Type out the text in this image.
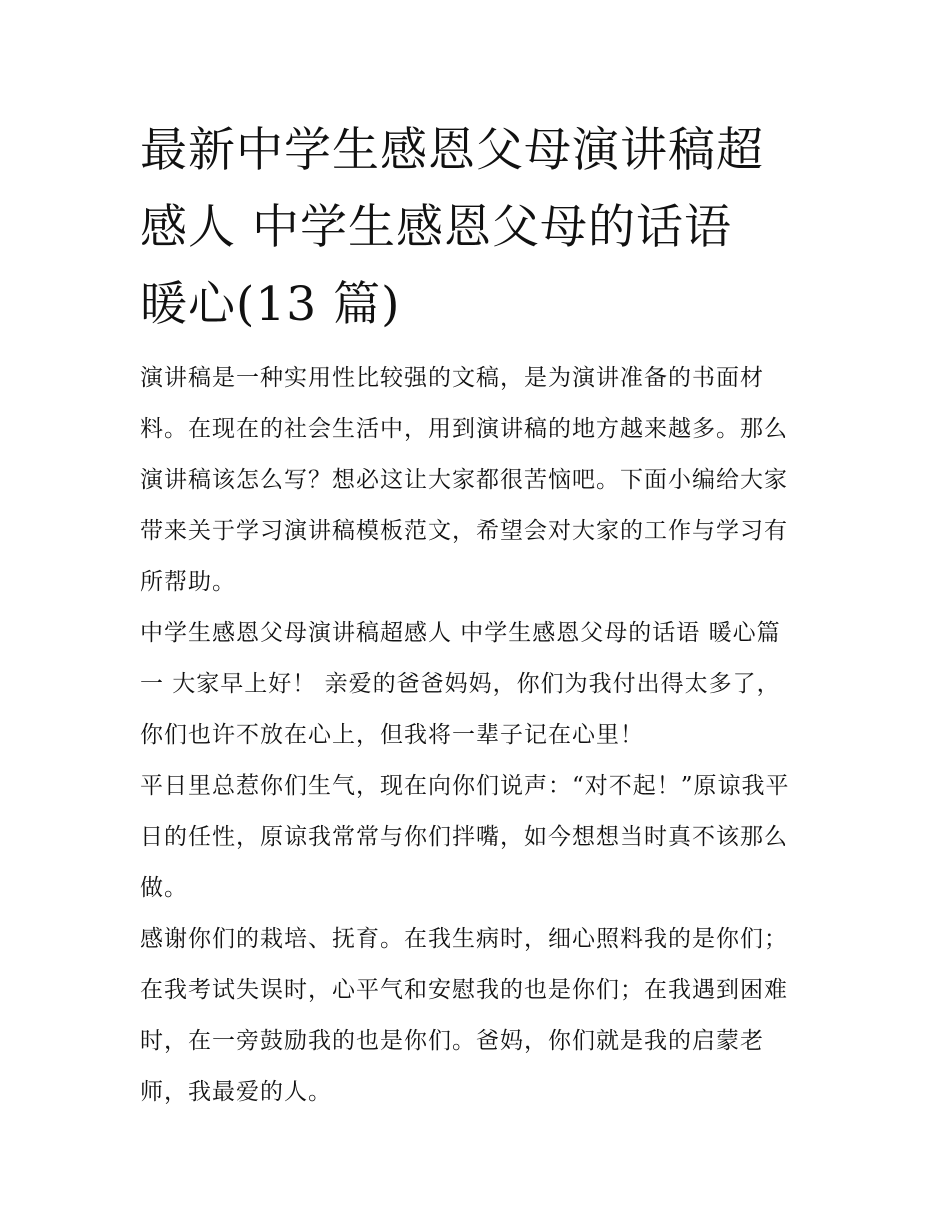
最新中学生感恩父母演讲稿超
感人 中学生感恩父母的话语
暖心(13 篇)

演讲稿是一种实用性比较强的文稿，是为演讲准备的书面材
料。在现在的社会生活中，用到演讲稿的地方越来越多。那么
演讲稿该怎么写？想必这让大家都很苦恼吧。下面小编给大家
带来关于学习演讲稿模板范文，希望会对大家的工作与学习有
所帮助。

中学生感恩父母演讲稿超感人 中学生感恩父母的话语 暖心篇
一 大家早上好！ 亲爱的爸爸妈妈，你们为我付出得太多了，
你们也许不放在心上，但我将一辈子记在心里！

平日里总惹你们生气，现在向你们说声：“对不起！”原谅我平
日的任性，原谅我常常与你们拌嘴，如今想想当时真不该那么
做。

感谢你们的栽培、抚育。在我生病时，细心照料我的是你们；
在我考试失误时，心平气和安慰我的也是你们；在我遇到困难
时，在一旁鼓励我的也是你们。爸妈，你们就是我的启蒙老
师，我最爱的人。
